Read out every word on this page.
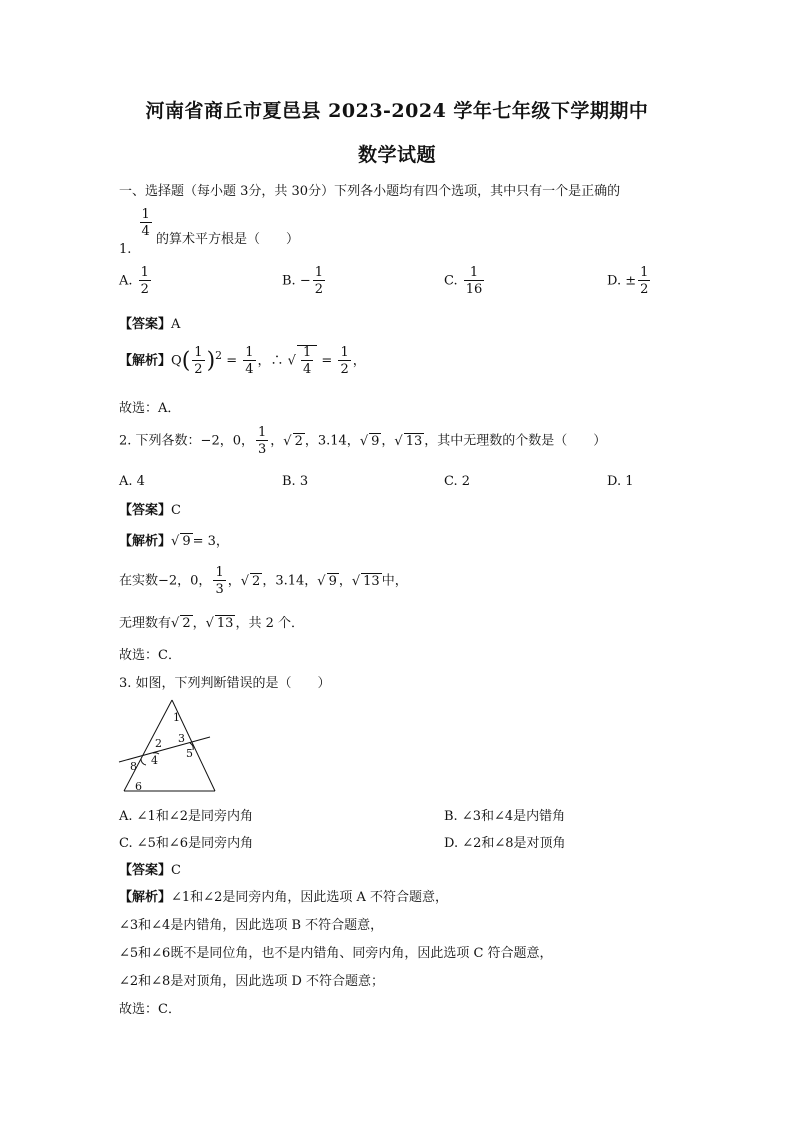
河南省商丘市夏邑县 2023-2024 学年七年级下学期期中
数学试题
一、选择题（每小题 3分，共 30分）下列各小题均有四个选项，其中只有一个是正确的
1.
$\frac{1}{4}$
的算术平方根是（　　）
A. $\frac{1}{2}$	B. − $\frac{1}{2}$	C. $\frac{1}{16}$	D. ± $\frac{1}{2}$
【答案】A
【解析】$Q( \frac{1}{2} )^2 = \frac{1}{4}$ ，∴ √ $\frac{1}{4} = \frac{1}{2}$ ，
故选：A．
2. 下列各数：−2，0， $\frac{1}{3}$ ，√ 2 ，3.14，√ 9 ，√ 13 ，其中无理数的个数是（　　）
A. 4	B. 3	C. 2	D. 1
【答案】C
【解析】√ 9 = 3，
在实数−2，0， $\frac{1}{3}$ ，√ 2 ，3.14，√ 9 ，√ 13 中，
无理数有√ 2 ，√ 13 ，共 2 个．
故选：C．
3. 如图，下列判断错误的是（　　）
1
2 3
4
5
6
8
A. ∠1和∠2是同旁内角	B. ∠3和∠4是内错角
C. ∠5和∠6是同旁内角	D. ∠2和∠8是对顶角
【答案】C
【解析】∠1和∠2是同旁内角，因此选项 A 不符合题意，
∠3和∠4是内错角，因此选项 B 不符合题意，
∠5和∠6既不是同位角，也不是内错角、同旁内角，因此选项 C 符合题意，
∠2和∠8是对顶角，因此选项 D 不符合题意；
故选：C．
